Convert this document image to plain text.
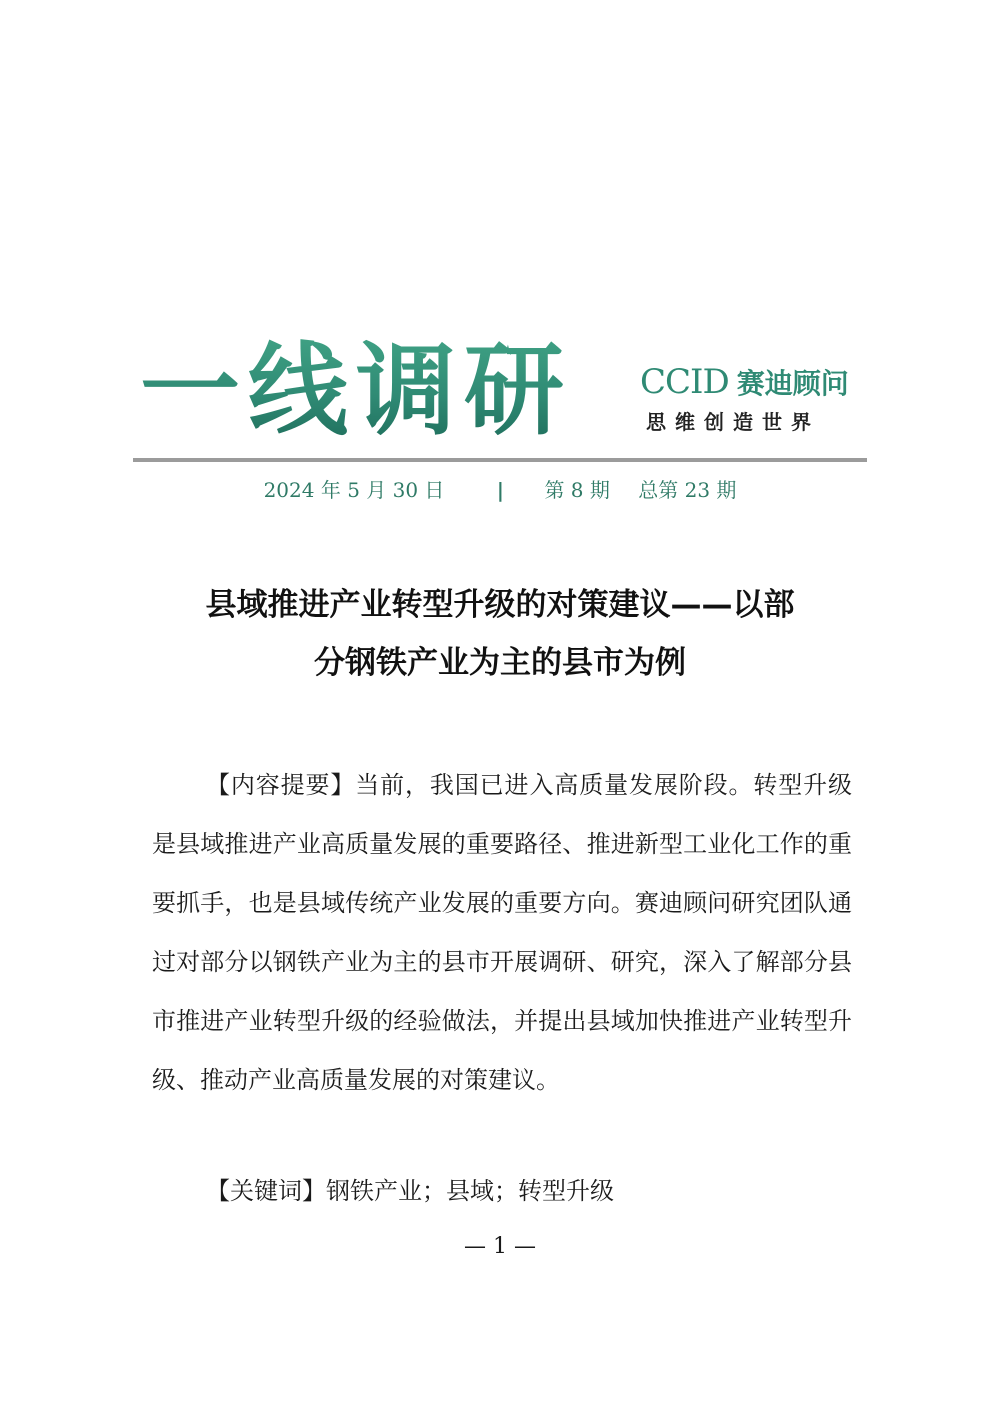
一线调研 CCID 赛迪顾问
思维创造世界
2024 年 5 月 30 日	| 第 8 期 总第 23 期
县域推进产业转型升级的对策建议——以部
分钢铁产业为主的县市为例

【内容提要】当前，我国已进入高质量发展阶段。转型升级是县域推进产业高质量发展的重要路径、推进新型工业化工作的重要抓手，也是县域传统产业发展的重要方向。赛迪顾问研究团队通过对部分以钢铁产业为主的县市开展调研、研究，深入了解部分县市推进产业转型升级的经验做法，并提出县域加快推进产业转型升级、推动产业高质量发展的对策建议。

【关键词】钢铁产业；县域；转型升级
— 1 —
